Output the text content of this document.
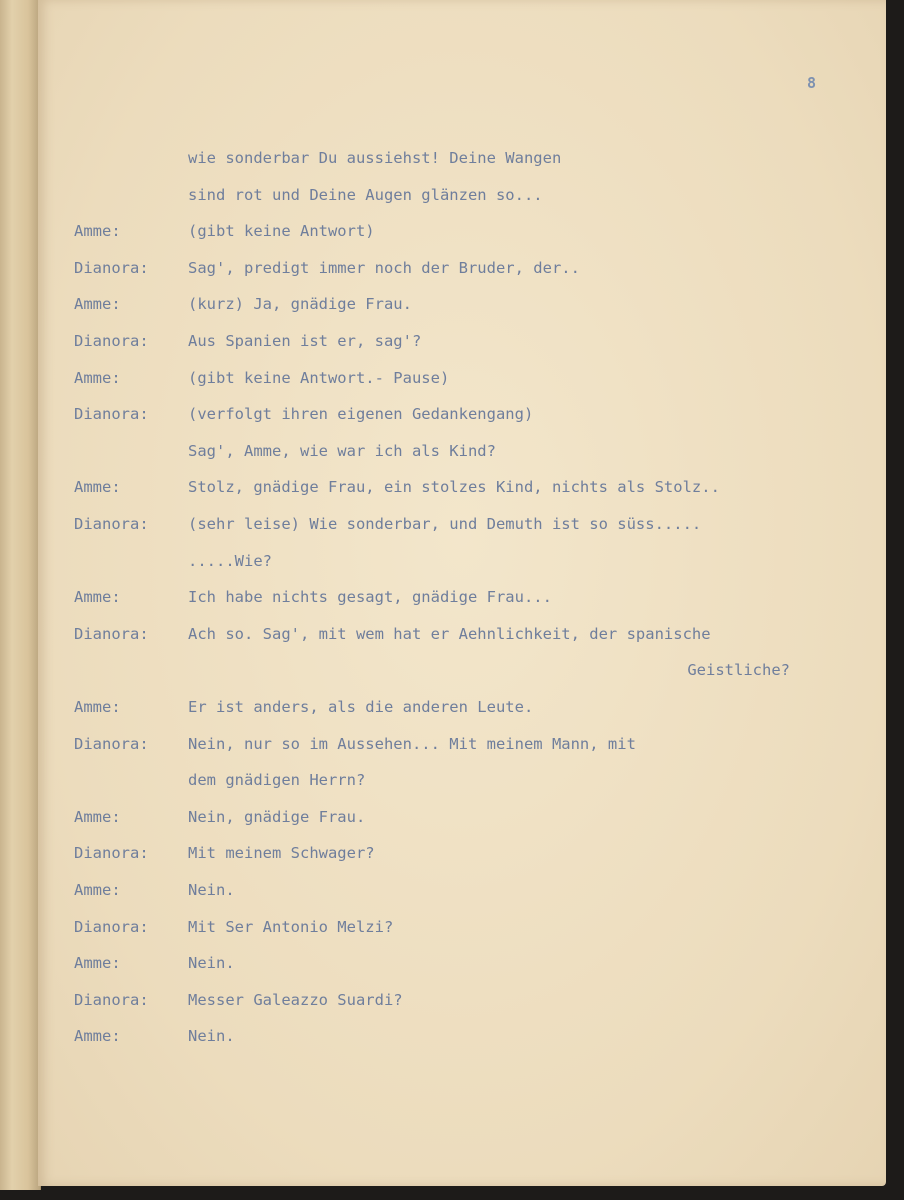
8
wie sonderbar Du aussiehst! Deine Wangen
sind rot und Deine Augen glänzen so...
Amme:	(gibt keine Antwort)
Dianora:	Sag', predigt immer noch der Bruder, der..
Amme:	(kurz) Ja, gnädige Frau.
Dianora:	Aus Spanien ist er, sag'?
Amme:	(gibt keine Antwort.- Pause)
Dianora:	(verfolgt ihren eigenen Gedankengang)
Sag', Amme, wie war ich als Kind?
Amme:	Stolz, gnädige Frau, ein stolzes Kind, nichts als Stolz..
Dianora:	(sehr leise) Wie sonderbar, und Demuth ist so süss.....
.....Wie?
Amme:	Ich habe nichts gesagt, gnädige Frau...
Dianora:	Ach so. Sag', mit wem hat er Aehnlichkeit, der spanische
Geistliche?
Amme:	Er ist anders, als die anderen Leute.
Dianora:	Nein, nur so im Aussehen... Mit meinem Mann, mit
dem gnädigen Herrn?
Amme:	Nein, gnädige Frau.
Dianora:	Mit meinem Schwager?
Amme:	Nein.
Dianora:	Mit Ser Antonio Melzi?
Amme:	Nein.
Dianora:	Messer Galeazzo Suardi?
Amme:	Nein.
